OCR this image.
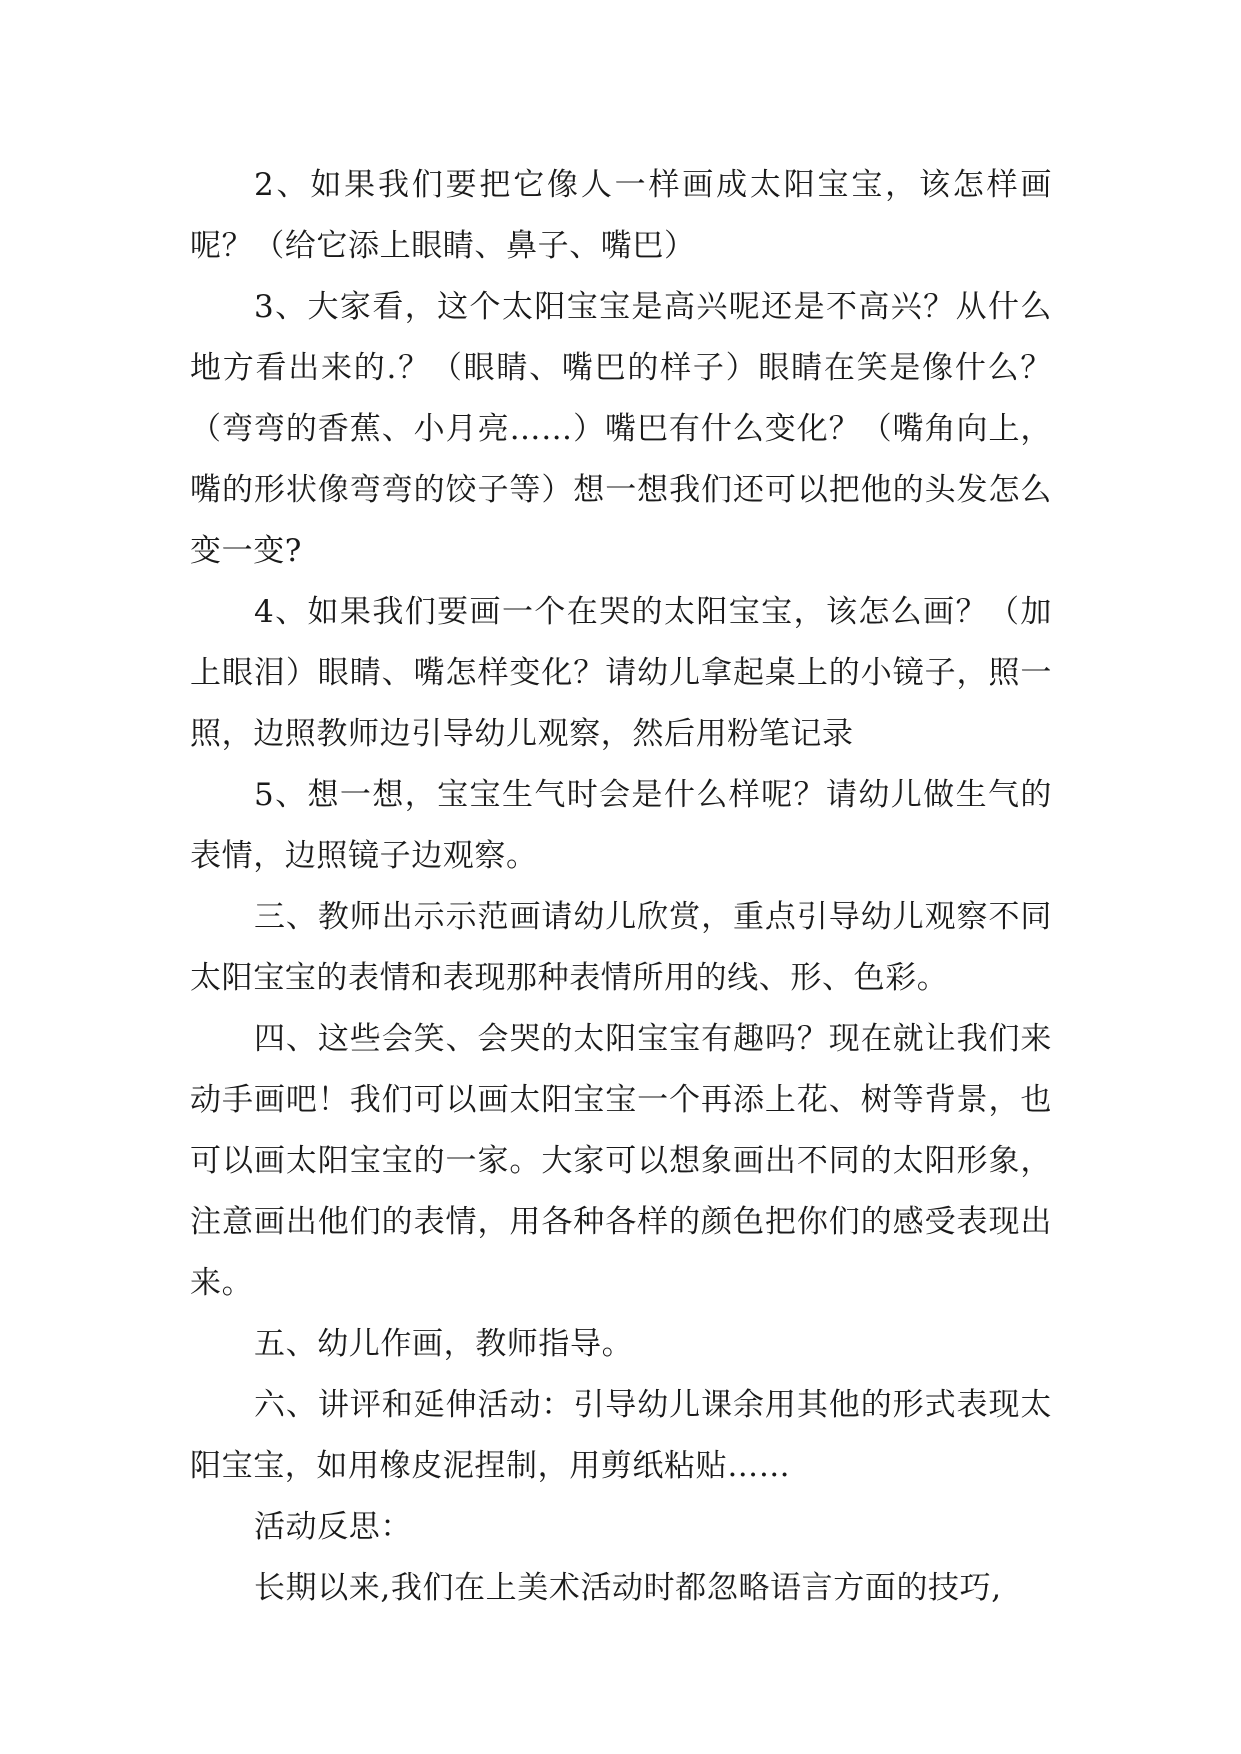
2、如果我们要把它像人一样画成太阳宝宝，该怎样画呢？（给它添上眼睛、鼻子、嘴巴）

3、大家看，这个太阳宝宝是高兴呢还是不高兴？从什么地方看出来的.？（眼睛、嘴巴的样子）眼睛在笑是像什么？（弯弯的香蕉、小月亮……）嘴巴有什么变化？（嘴角向上，嘴的形状像弯弯的饺子等）想一想我们还可以把他的头发怎么变一变?

4、如果我们要画一个在哭的太阳宝宝，该怎么画？（加上眼泪）眼睛、嘴怎样变化？请幼儿拿起桌上的小镜子，照一照，边照教师边引导幼儿观察，然后用粉笔记录

5、想一想，宝宝生气时会是什么样呢？请幼儿做生气的表情，边照镜子边观察。

三、教师出示示范画请幼儿欣赏，重点引导幼儿观察不同太阳宝宝的表情和表现那种表情所用的线、形、色彩。

四、这些会笑、会哭的太阳宝宝有趣吗？现在就让我们来动手画吧！我们可以画太阳宝宝一个再添上花、树等背景，也可以画太阳宝宝的一家。大家可以想象画出不同的太阳形象，注意画出他们的表情，用各种各样的颜色把你们的感受表现出来。

五、幼儿作画，教师指导。

六、讲评和延伸活动：引导幼儿课余用其他的形式表现太阳宝宝，如用橡皮泥捏制，用剪纸粘贴……

活动反思：

长期以来,我们在上美术活动时都忽略语言方面的技巧,
